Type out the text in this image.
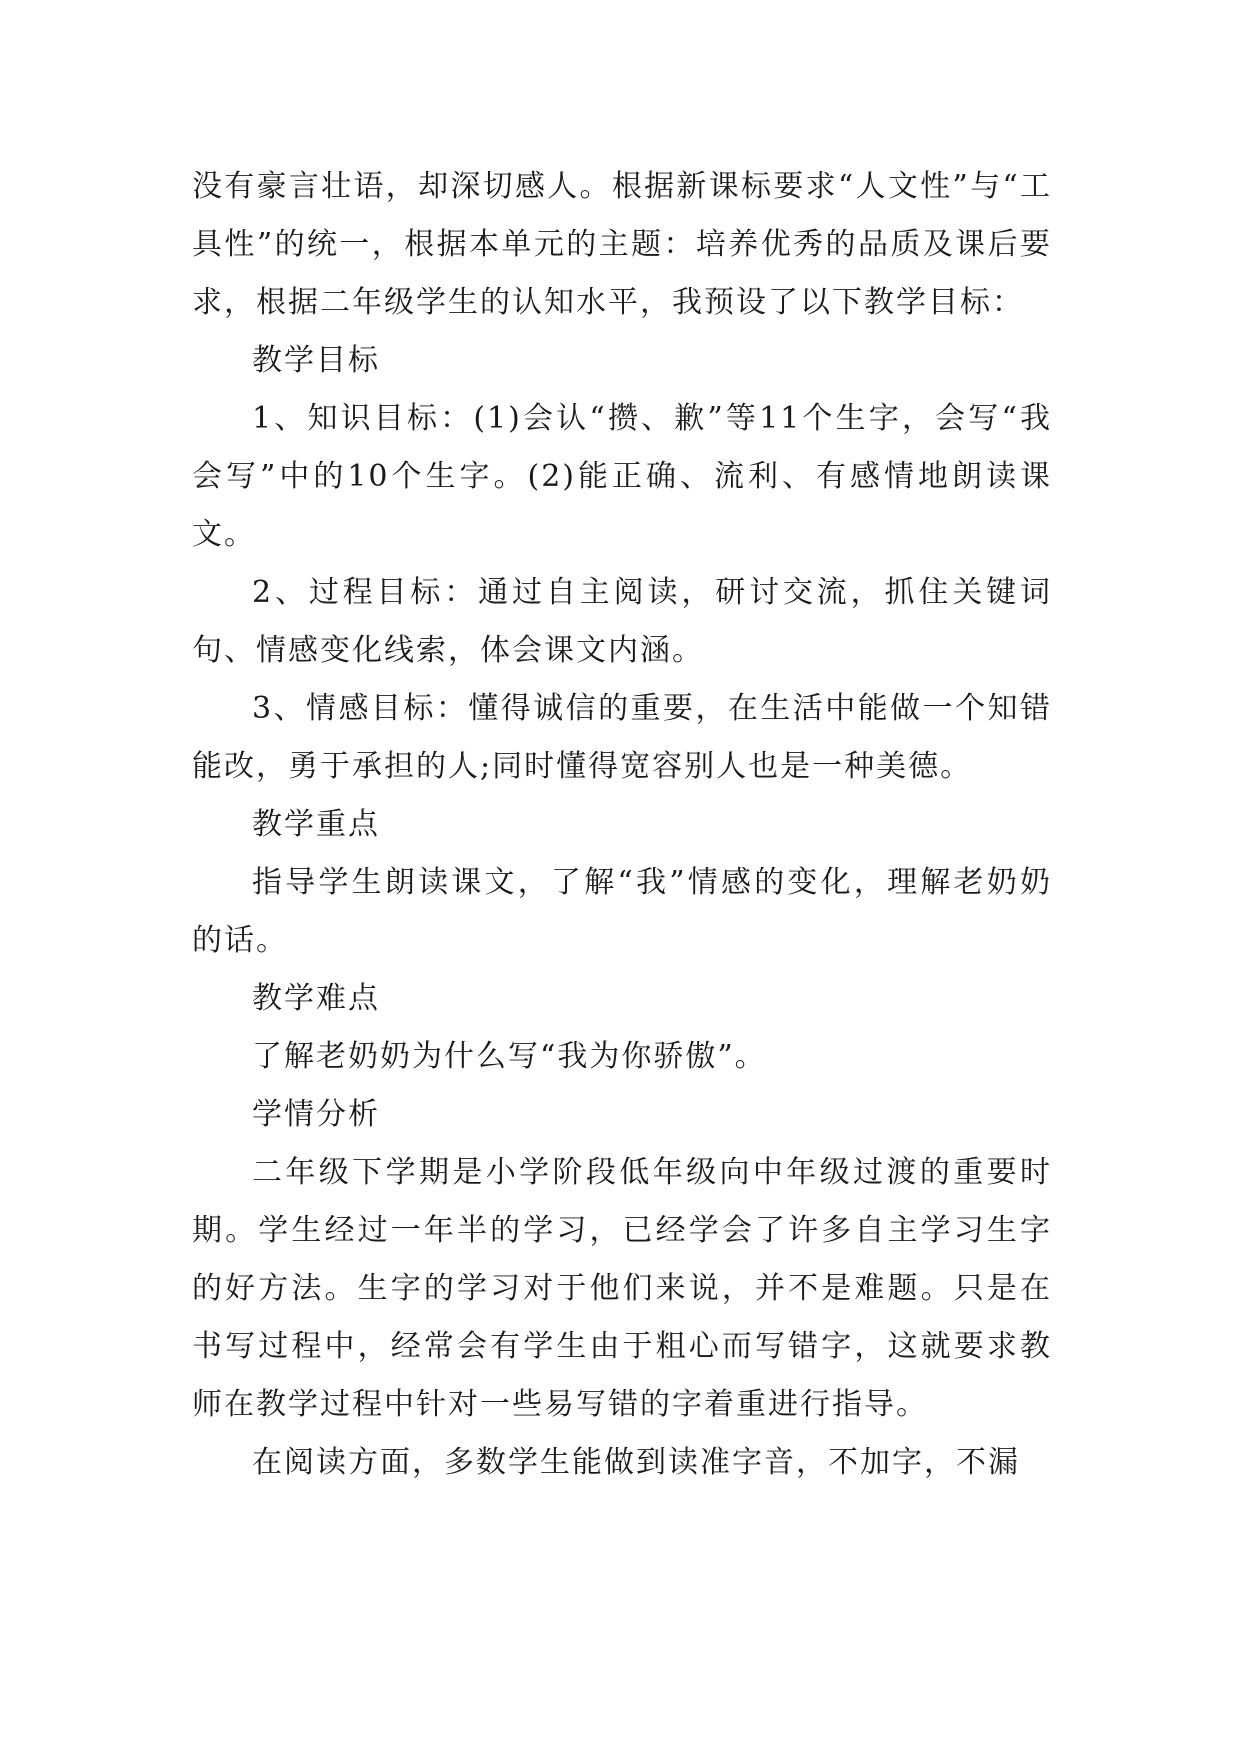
没有豪言壮语，却深切感人。根据新课标要求“人文性”与“工具性”的统一，根据本单元的主题：培养优秀的品质及课后要求，根据二年级学生的认知水平，我预设了以下教学目标：

教学目标

1、知识目标：(1)会认“攒、歉”等11个生字，会写“我会写”中的10个生字。(2)能正确、流利、有感情地朗读课文。

2、过程目标：通过自主阅读，研讨交流，抓住关键词句、情感变化线索，体会课文内涵。

3、情感目标：懂得诚信的重要，在生活中能做一个知错能改，勇于承担的人;同时懂得宽容别人也是一种美德。

教学重点

指导学生朗读课文，了解“我”情感的变化，理解老奶奶的话。

教学难点

了解老奶奶为什么写“我为你骄傲”。

学情分析

二年级下学期是小学阶段低年级向中年级过渡的重要时期。学生经过一年半的学习，已经学会了许多自主学习生字的好方法。生字的学习对于他们来说，并不是难题。只是在书写过程中，经常会有学生由于粗心而写错字，这就要求教师在教学过程中针对一些易写错的字着重进行指导。

在阅读方面，多数学生能做到读准字音，不加字，不漏
